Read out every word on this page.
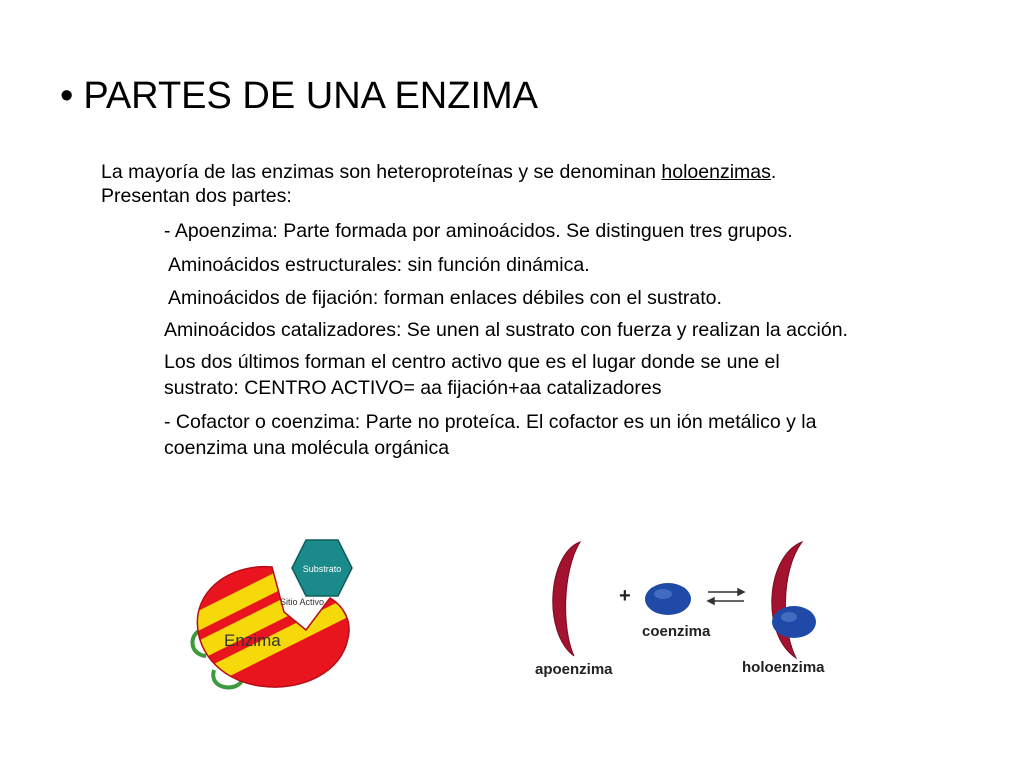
• PARTES DE UNA ENZIMA
La mayoría de las enzimas son heteroproteínas y se denominan holoenzimas.
Presentan dos partes:
- Apoenzima: Parte formada por aminoácidos. Se distinguen tres grupos.
Aminoácidos estructurales: sin función dinámica.
Aminoácidos de fijación: forman enlaces débiles con el sustrato.
Aminoácidos catalizadores: Se unen al sustrato con fuerza y realizan la acción.
Los dos últimos forman el centro activo que es el lugar donde se une el
sustrato: CENTRO ACTIVO= aa fijación+aa catalizadores
- Cofactor o coenzima: Parte no proteíca. El cofactor es un ión metálico y la
coenzima una molécula orgánica
Enzima
Substrato
Sitio Activo
apoenzima
+
coenzima
holoenzima
